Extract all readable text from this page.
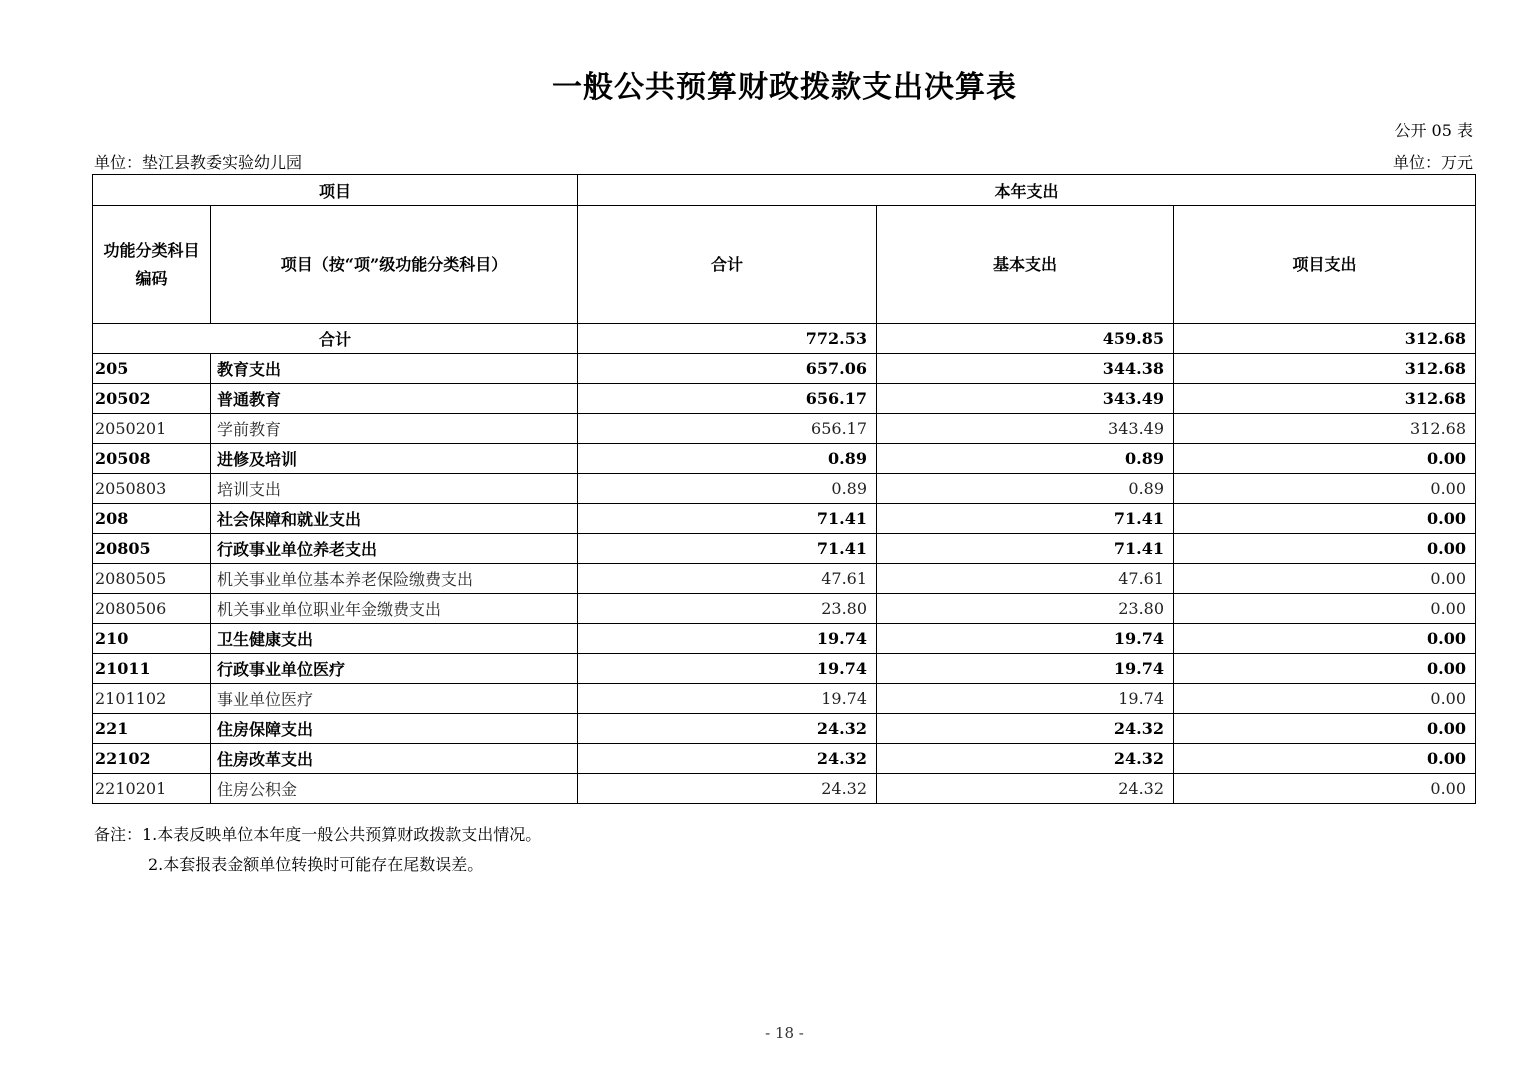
一般公共预算财政拨款支出决算表
公开 05 表
单位：垫江县教委实验幼儿园	单位：万元
项目		本年支出		
功能分类科目编码	项目（按“项”级功能分类科目）	合计	基本支出	项目支出
合计		772.53	459.85	312.68
205	教育支出	657.06	344.38	312.68
20502	普通教育	656.17	343.49	312.68
2050201	学前教育	656.17	343.49	312.68
20508	进修及培训	0.89	0.89	0.00
2050803	培训支出	0.89	0.89	0.00
208	社会保障和就业支出	71.41	71.41	0.00
20805	行政事业单位养老支出	71.41	71.41	0.00
2080505	机关事业单位基本养老保险缴费支出	47.61	47.61	0.00
2080506	机关事业单位职业年金缴费支出	23.80	23.80	0.00
210	卫生健康支出	19.74	19.74	0.00
21011	行政事业单位医疗	19.74	19.74	0.00
2101102	事业单位医疗	19.74	19.74	0.00
221	住房保障支出	24.32	24.32	0.00
22102	住房改革支出	24.32	24.32	0.00
2210201	住房公积金	24.32	24.32	0.00
备注：1.本表反映单位本年度一般公共预算财政拨款支出情况。
2.本套报表金额单位转换时可能存在尾数误差。
- 18 -
